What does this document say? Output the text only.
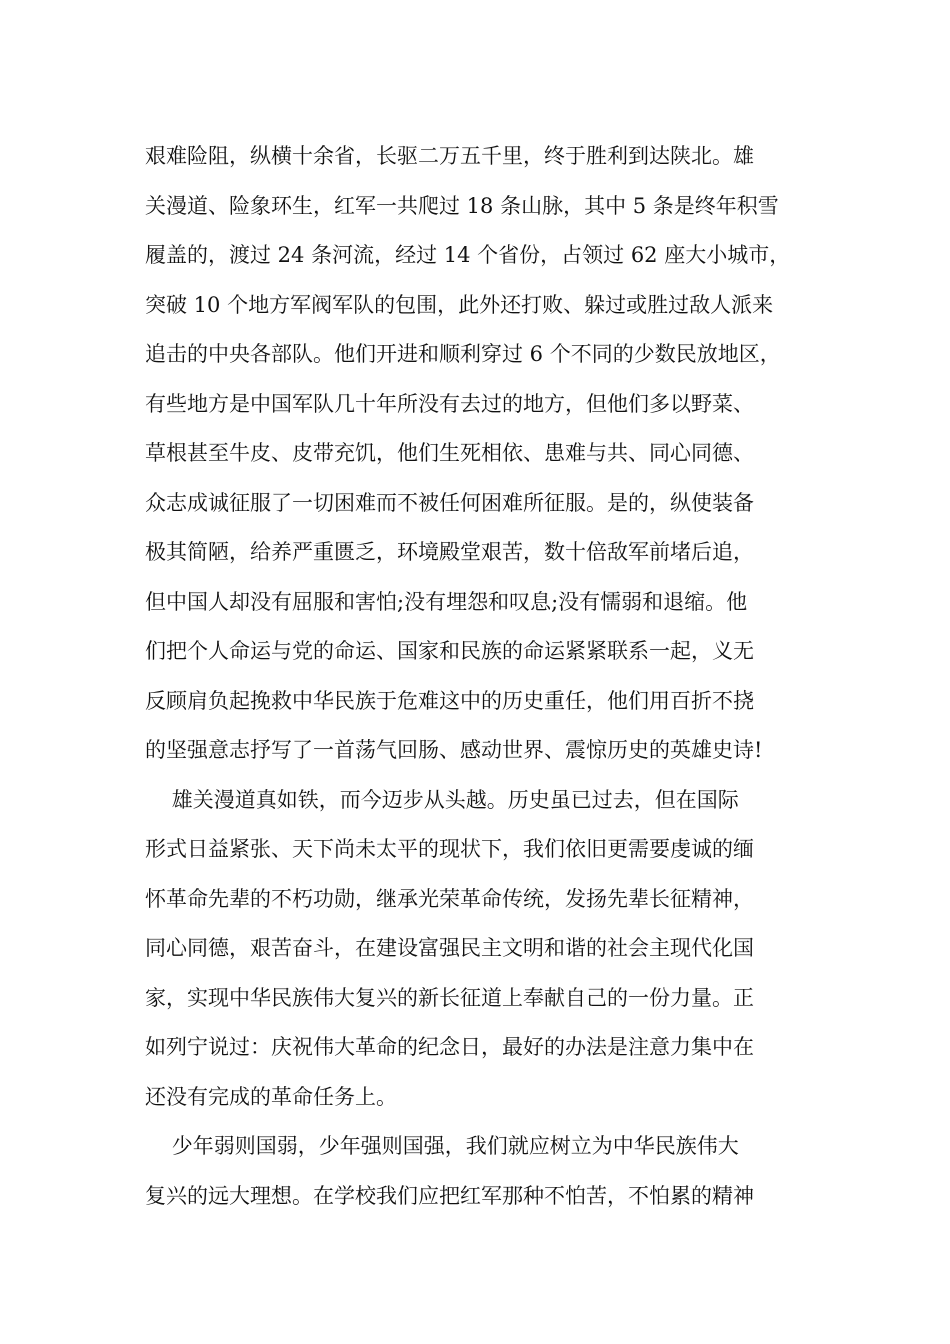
艰难险阻，纵横十余省，长驱二万五千里，终于胜利到达陕北。雄
关漫道、险象环生，红军一共爬过 18 条山脉，其中 5 条是终年积雪
履盖的，渡过 24 条河流，经过 14 个省份，占领过 62 座大小城市，
突破 10 个地方军阀军队的包围，此外还打败、躲过或胜过敌人派来
追击的中央各部队。他们开进和顺利穿过 6 个不同的少数民放地区，
有些地方是中国军队几十年所没有去过的地方，但他们多以野菜、
草根甚至牛皮、皮带充饥，他们生死相依、患难与共、同心同德、
众志成诚征服了一切困难而不被任何困难所征服。是的，纵使装备
极其简陋，给养严重匮乏，环境殿堂艰苦，数十倍敌军前堵后追，
但中国人却没有屈服和害怕;没有埋怨和叹息;没有懦弱和退缩。他
们把个人命运与党的命运、国家和民族的命运紧紧联系一起，义无
反顾肩负起挽救中华民族于危难这中的历史重任，他们用百折不挠
的坚强意志抒写了一首荡气回肠、感动世界、震惊历史的英雄史诗!
雄关漫道真如铁，而今迈步从头越。历史虽已过去，但在国际
形式日益紧张、天下尚未太平的现状下，我们依旧更需要虔诚的缅
怀革命先辈的不朽功勋，继承光荣革命传统，发扬先辈长征精神，
同心同德，艰苦奋斗，在建设富强民主文明和谐的社会主现代化国
家，实现中华民族伟大复兴的新长征道上奉献自己的一份力量。正
如列宁说过：庆祝伟大革命的纪念日，最好的办法是注意力集中在
还没有完成的革命任务上。
少年弱则国弱，少年强则国强，我们就应树立为中华民族伟大
复兴的远大理想。在学校我们应把红军那种不怕苦，不怕累的精神
